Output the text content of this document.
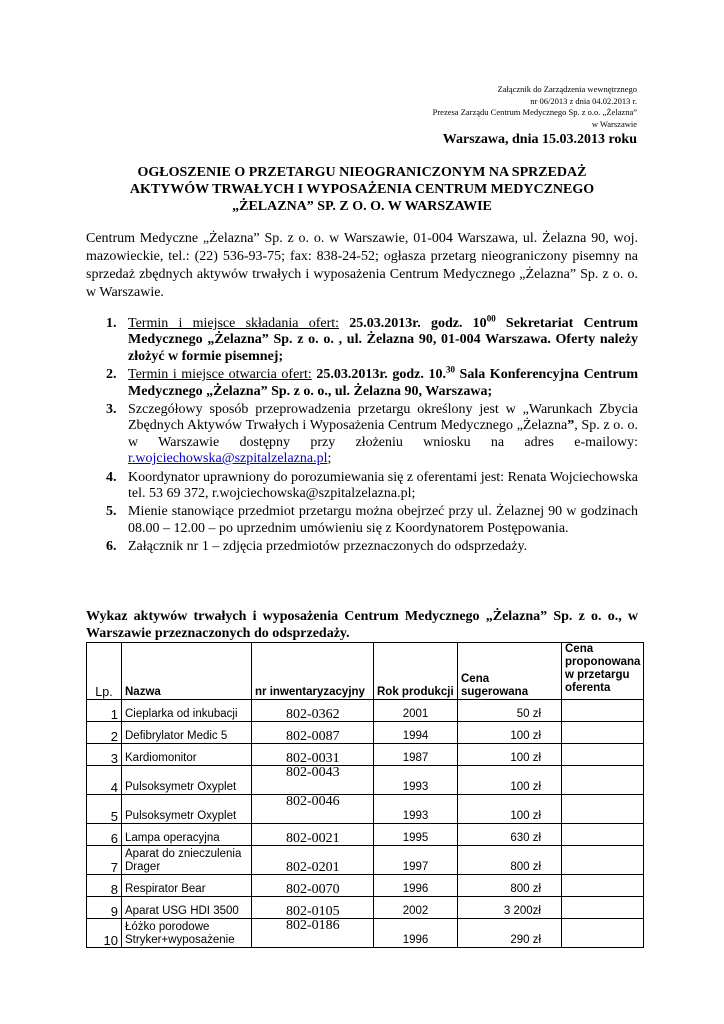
Załącznik do Zarządzenia wewnętrznego
nr 06/2013 z dnia 04.02.2013 r.
Prezesa Zarządu Centrum Medycznego Sp. z o.o. „Żelazna”
w Warszawie
Warszawa, dnia 15.03.2013 roku
OGŁOSZENIE O PRZETARGU NIEOGRANICZONYM NA SPRZEDAŻ
AKTYWÓW TRWAŁYCH I WYPOSAŻENIA CENTRUM MEDYCZNEGO
„ŻELAZNA” SP. Z O. O. W WARSZAWIE
Centrum Medyczne „Żelazna” Sp. z o. o. w Warszawie, 01-004 Warszawa, ul. Żelazna 90, woj. mazowieckie, tel.: (22) 536-93-75; fax: 838-24-52; ogłasza przetarg nieograniczony pisemny na sprzedaż zbędnych aktywów trwałych i wyposażenia Centrum Medycznego „Żelazna” Sp. z o. o. w Warszawie.
1. Termin i miejsce składania ofert: 25.03.2013r. godz. $10^{00}$ Sekretariat Centrum Medycznego „Żelazna” Sp. z o. o. , ul. Żelazna 90, 01-004 Warszawa. Oferty należy złożyć w formie pisemnej;
2. Termin i miejsce otwarcia ofert: 25.03.2013r. godz. 10.30 Sala Konferencyjna Centrum Medycznego „Żelazna” Sp. z o. o., ul. Żelazna 90, Warszawa;
3. Szczegółowy sposób przeprowadzenia przetargu określony jest w „Warunkach Zbycia Zbędnych Aktywów Trwałych i Wyposażenia Centrum Medycznego „Żelazna”, Sp. z o. o. w Warszawie dostępny przy złożeniu wniosku na adres e-mailowy: r.wojciechowska@szpitalzelazna.pl;
4. Koordynator uprawniony do porozumiewania się z oferentami jest: Renata Wojciechowska tel. 53 69 372, r.wojciechowska@szpitalzelazna.pl;
5. Mienie stanowiące przedmiot przetargu można obejrzeć przy ul. Żelaznej 90 w godzinach 08.00 – 12.00 – po uprzednim umówieniu się z Koordynatorem Postępowania.
6. Załącznik nr 1 – zdjęcia przedmiotów przeznaczonych do odsprzedaży.
Wykaz aktywów trwałych i wyposażenia Centrum Medycznego „Żelazna” Sp. z o. o., w Warszawie przeznaczonych do odsprzedaży.
Lp.	Nazwa	nr inwentaryzacyjny	Rok produkcji	Cena sugerowana	Cena proponowana w przetargu oferenta
1	Cieplarka od inkubacji	802-0362	2001	50 zł	
2	Defibrylator Medic 5	802-0087	1994	100 zł	
3	Kardiomonitor	802-0031	1987	100 zł	
4	Pulsoksymetr Oxyplet	802-0043	1993	100 zł	
5	Pulsoksymetr Oxyplet	802-0046	1993	100 zł	
6	Lampa operacyjna	802-0021	1995	630 zł	
7	Aparat do znieczulenia Drager	802-0201	1997	800 zł	
8	Respirator Bear	802-0070	1996	800 zł	
9	Aparat USG HDI 3500	802-0105	2002	3 200zł	
10	Łóżko porodowe Stryker+wyposażenie	802-0186	1996	290 zł	
